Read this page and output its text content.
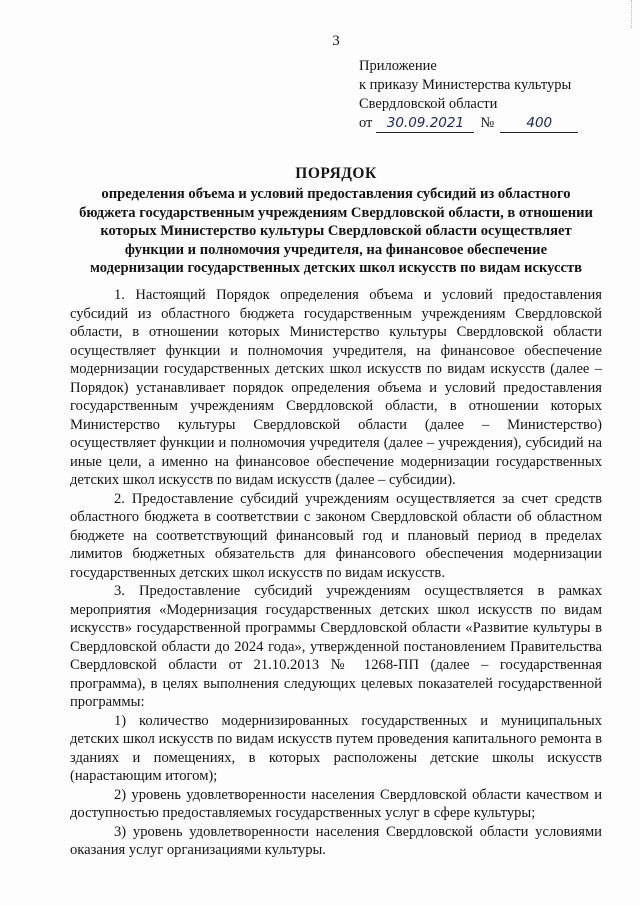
3
Приложение
к приказу Министерства культуры
Свердловской области
от	30.09.2021	№	400
ПОРЯДОК
определения объема и условий предоставления субсидий из областного
бюджета государственным учреждениям Свердловской области, в отношении
которых Министерство культуры Свердловской области осуществляет
функции и полномочия учредителя, на финансовое обеспечение
модернизации государственных детских школ искусств по видам искусств

1. Настоящий Порядок определения объема и условий предоставления субсидий из областного бюджета государственным учреждениям Свердловской области, в отношении которых Министерство культуры Свердловской области осуществляет функции и полномочия учредителя, на финансовое обеспечение модернизации государственных детских школ искусств по видам искусств (далее – Порядок) устанавливает порядок определения объема и условий предоставления государственным учреждениям Свердловской области, в отношении которых Министерство культуры Свердловской области (далее – Министерство) осуществляет функции и полномочия учредителя (далее – учреждения), субсидий на иные цели, а именно на финансовое обеспечение модернизации государственных детских школ искусств по видам искусств (далее – субсидии).

2. Предоставление субсидий учреждениям осуществляется за счет средств областного бюджета в соответствии с законом Свердловской области об областном бюджете на соответствующий финансовый год и плановый период в пределах лимитов бюджетных обязательств для финансового обеспечения модернизации государственных детских школ искусств по видам искусств.

3. Предоставление субсидий учреждениям осуществляется в рамках мероприятия «Модернизация государственных детских школ искусств по видам искусств» государственной программы Свердловской области «Развитие культуры в Свердловской области до 2024 года», утвержденной постановлением Правительства Свердловской области от 21.10.2013 № 1268-ПП (далее – государственная программа), в целях выполнения следующих целевых показателей государственной программы:

1) количество модернизированных государственных и муниципальных детских школ искусств по видам искусств путем проведения капитального ремонта в зданиях и помещениях, в которых расположены детские школы искусств (нарастающим итогом);

2) уровень удовлетворенности населения Свердловской области качеством и доступностью предоставляемых государственных услуг в сфере культуры;

3) уровень удовлетворенности населения Свердловской области условиями оказания услуг организациями культуры.
